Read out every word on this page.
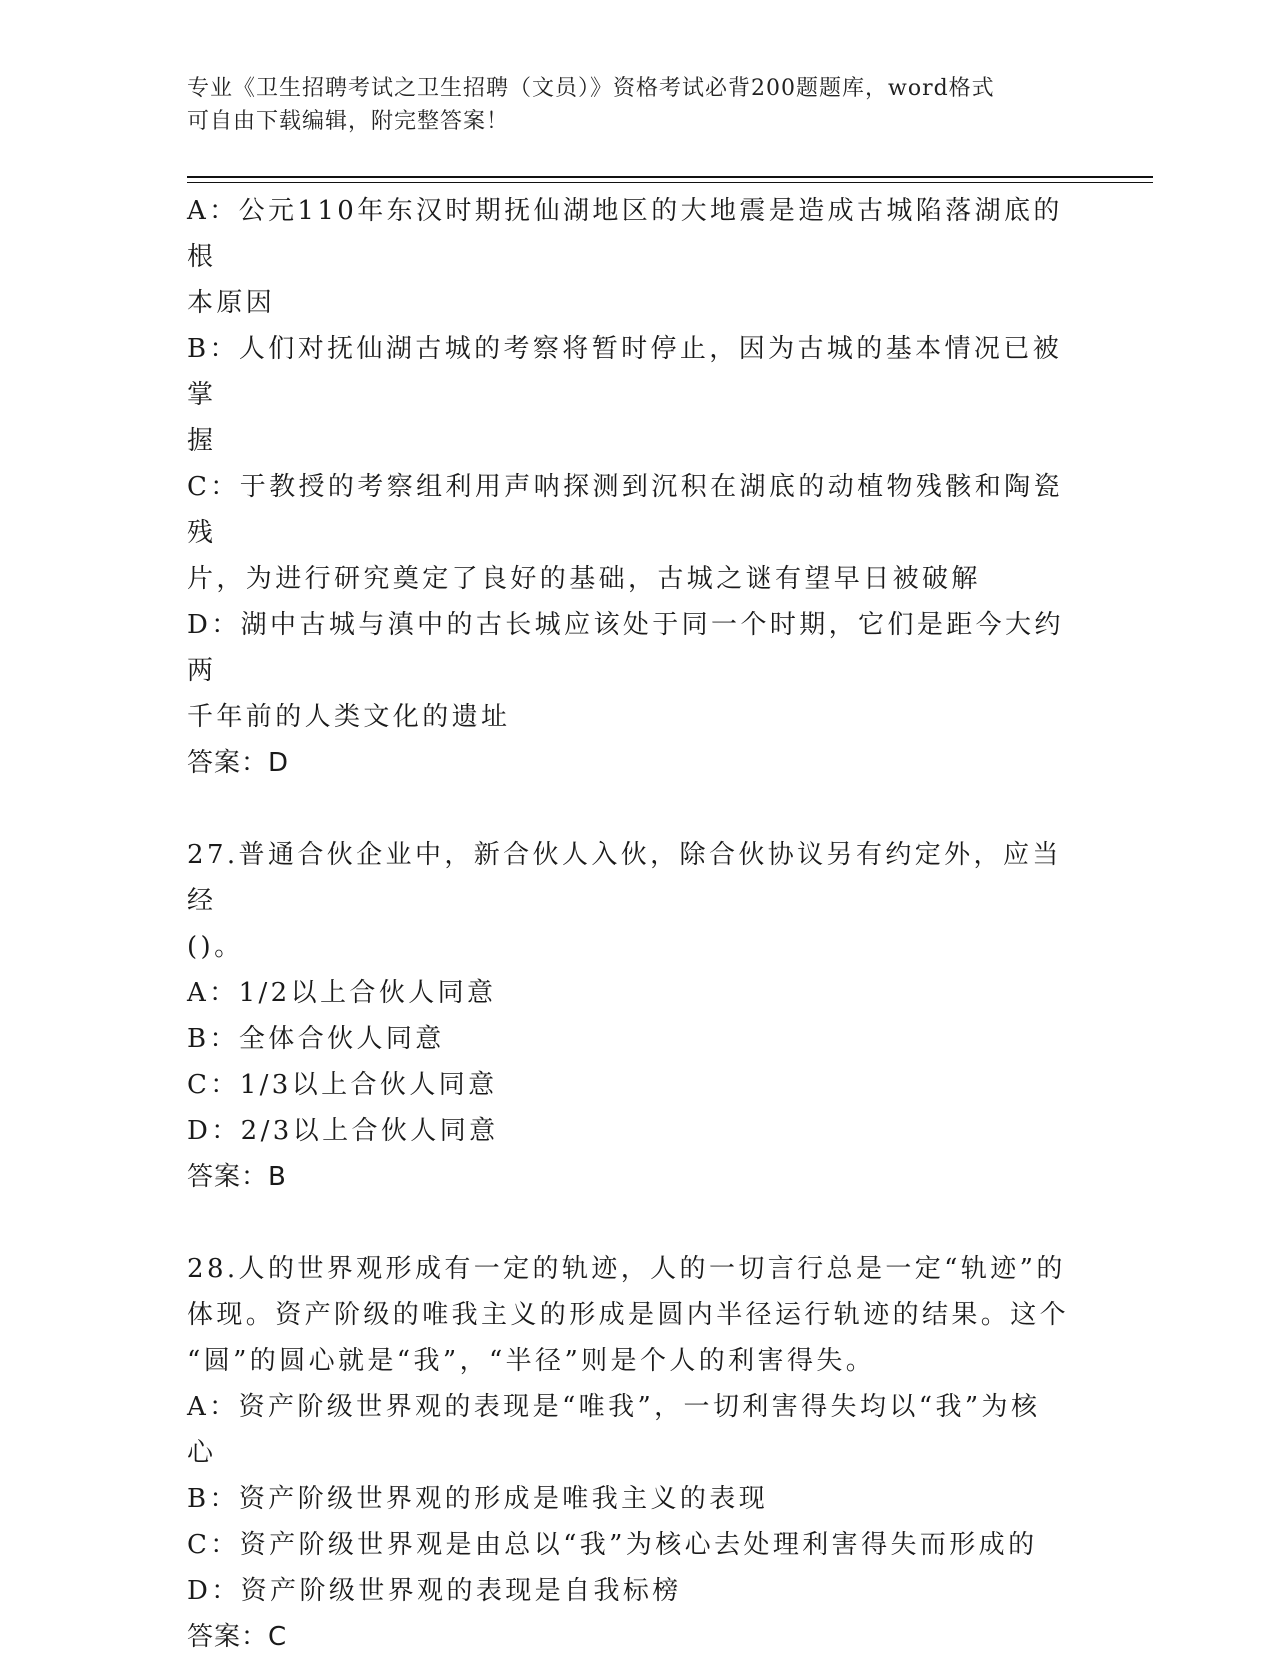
专业《卫生招聘考试之卫生招聘（文员）》资格考试必背200题题库，word格式
可自由下载编辑，附完整答案！

A：公元110年东汉时期抚仙湖地区的大地震是造成古城陷落湖底的根

本原因

B：人们对抚仙湖古城的考察将暂时停止，因为古城的基本情况已被掌

握

C：于教授的考察组利用声呐探测到沉积在湖底的动植物残骸和陶瓷残

片，为进行研究奠定了良好的基础，古城之谜有望早日被破解

D：湖中古城与滇中的古长城应该处于同一个时期，它们是距今大约两

千年前的人类文化的遗址

答案：D

27.普通合伙企业中，新合伙人入伙，除合伙协议另有约定外，应当经

()。

A：1/2以上合伙人同意

B：全体合伙人同意

C：1/3以上合伙人同意

D：2/3以上合伙人同意

答案：B

28.人的世界观形成有一定的轨迹，人的一切言行总是一定“轨迹”的

体现。资产阶级的唯我主义的形成是圆内半径运行轨迹的结果。这个

“圆”的圆心就是“我”，“半径”则是个人的利害得失。

A：资产阶级世界观的表现是“唯我”，一切利害得失均以“我”为核

心

B：资产阶级世界观的形成是唯我主义的表现

C：资产阶级世界观是由总以“我”为核心去处理利害得失而形成的

D：资产阶级世界观的表现是自我标榜

答案：C
